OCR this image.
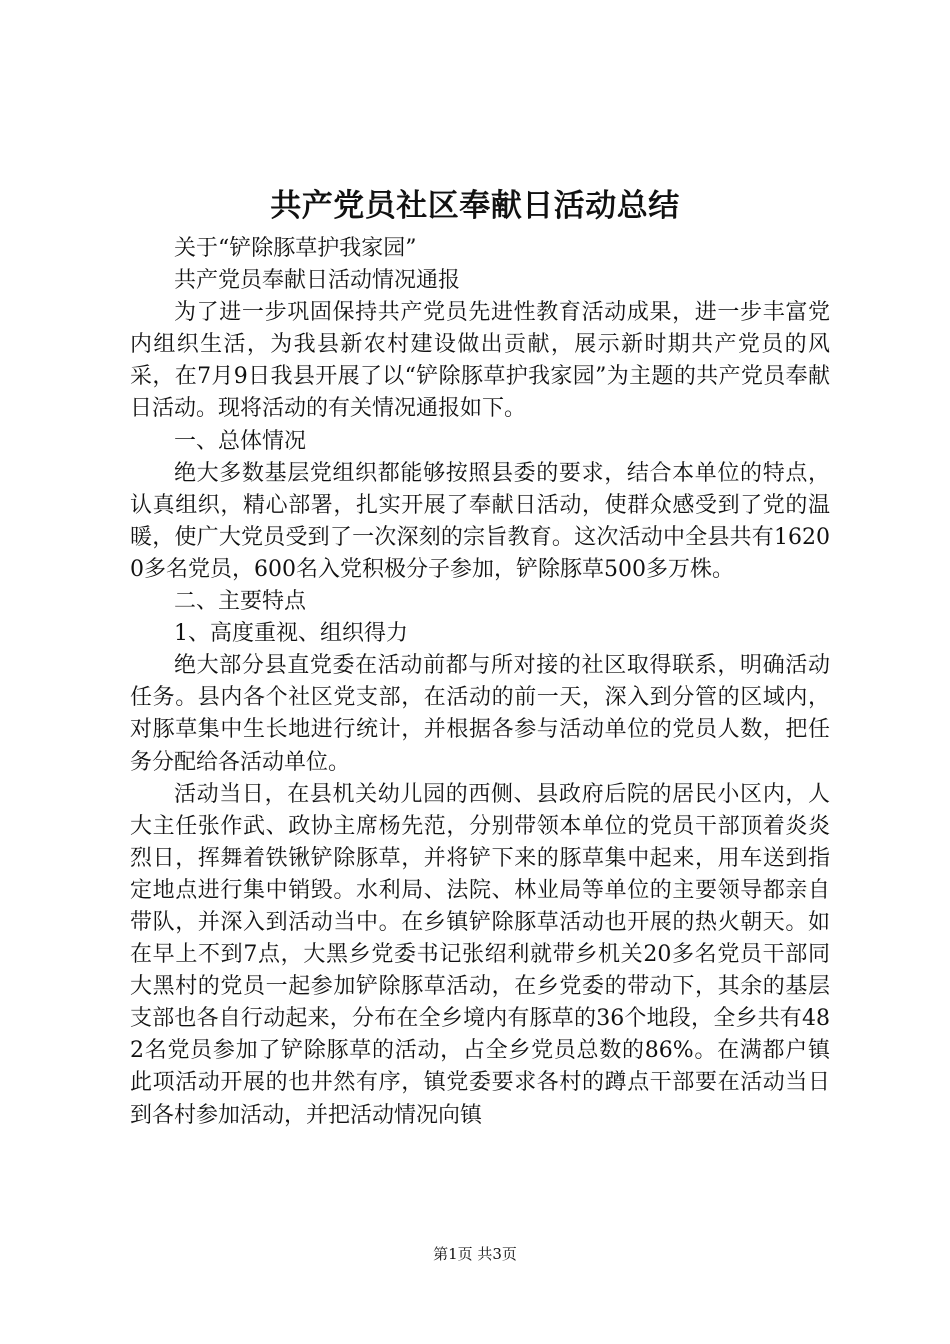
共产党员社区奉献日活动总结

关于“铲除豚草护我家园”

共产党员奉献日活动情况通报

为了进一步巩固保持共产党员先进性教育活动成果，进一步丰富党内组织生活，为我县新农村建设做出贡献，展示新时期共产党员的风采，在7月9日我县开展了以“铲除豚草护我家园”为主题的共产党员奉献日活动。现将活动的有关情况通报如下。

一、总体情况

绝大多数基层党组织都能够按照县委的要求，结合本单位的特点，认真组织，精心部署，扎实开展了奉献日活动，使群众感受到了党的温暖，使广大党员受到了一次深刻的宗旨教育。这次活动中全县共有16200多名党员，600名入党积极分子参加，铲除豚草500多万株。

二、主要特点

1、高度重视、组织得力

绝大部分县直党委在活动前都与所对接的社区取得联系，明确活动任务。县内各个社区党支部，在活动的前一天，深入到分管的区域内，对豚草集中生长地进行统计，并根据各参与活动单位的党员人数，把任务分配给各活动单位。

活动当日，在县机关幼儿园的西侧、县政府后院的居民小区内，人大主任张作武、政协主席杨先范，分别带领本单位的党员干部顶着炎炎烈日，挥舞着铁锹铲除豚草，并将铲下来的豚草集中起来，用车送到指定地点进行集中销毁。水利局、法院、林业局等单位的主要领导都亲自带队，并深入到活动当中。在乡镇铲除豚草活动也开展的热火朝天。如在早上不到7点，大黑乡党委书记张绍利就带乡机关20多名党员干部同大黑村的党员一起参加铲除豚草活动，在乡党委的带动下，其余的基层支部也各自行动起来，分布在全乡境内有豚草的36个地段，全乡共有482名党员参加了铲除豚草的活动，占全乡党员总数的86%。在满都户镇此项活动开展的也井然有序，镇党委要求各村的蹲点干部要在活动当日到各村参加活动，并把活动情况向镇

第1页 共3页
